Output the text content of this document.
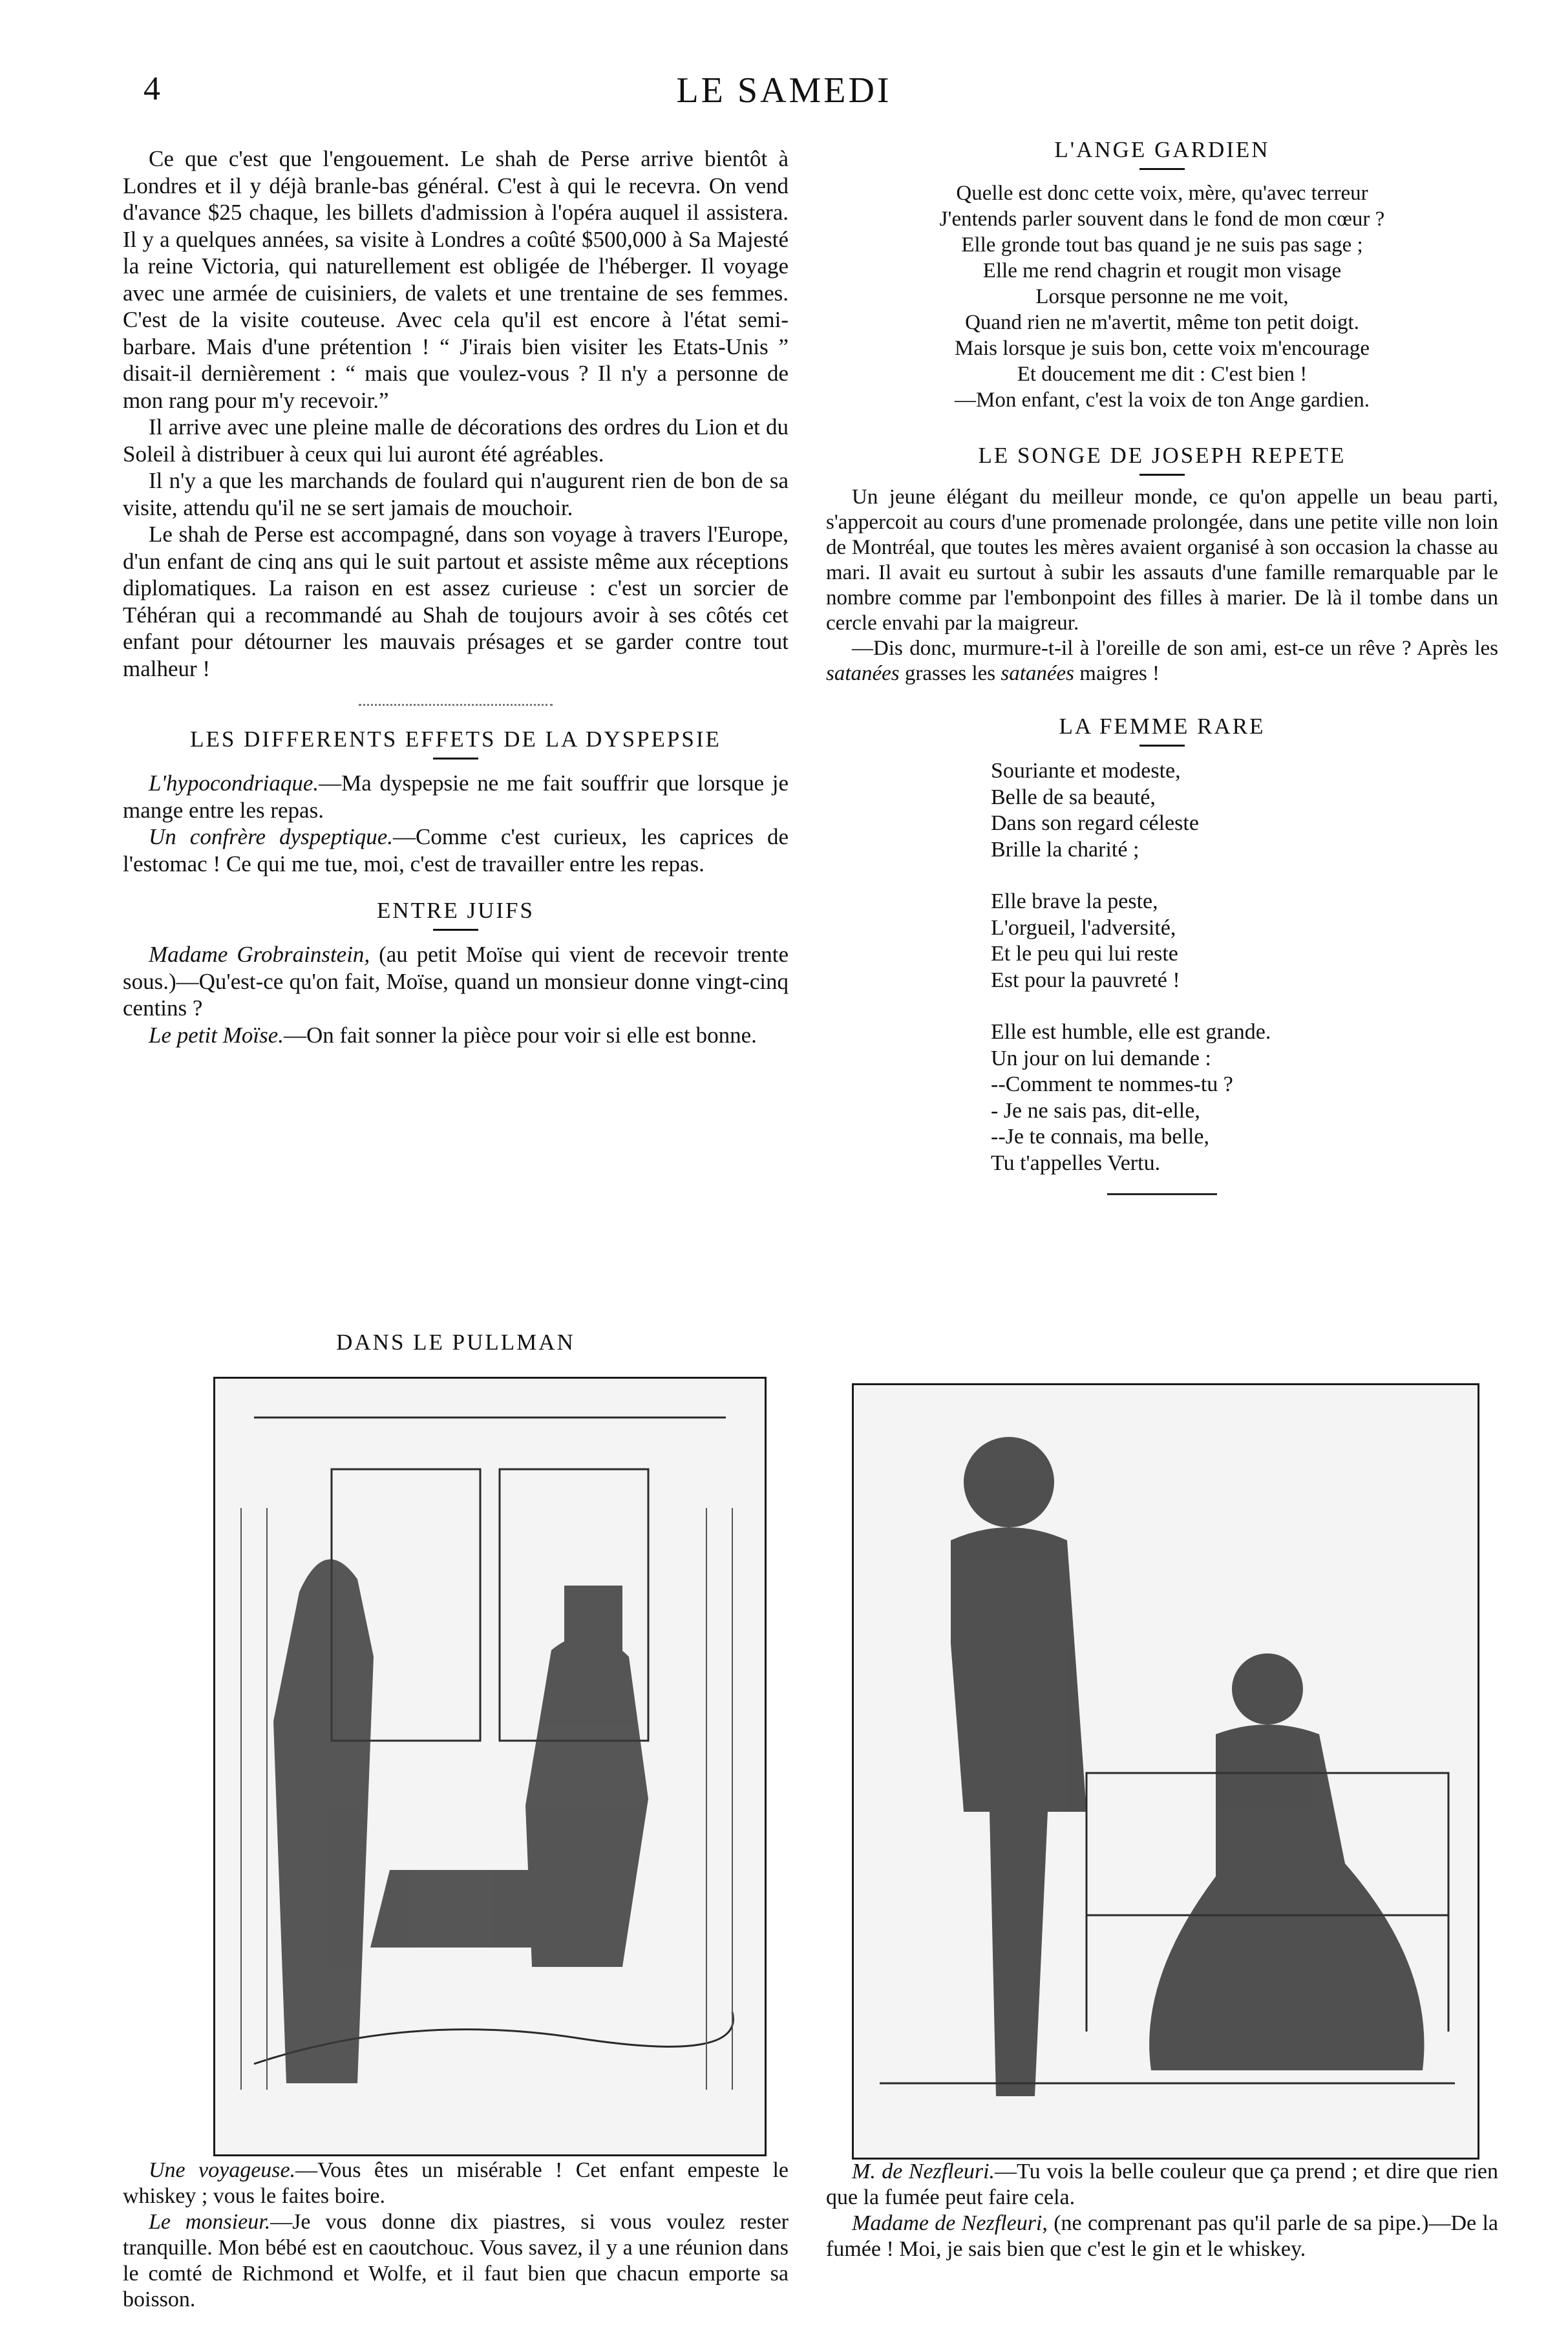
4	LE SAMEDI

Ce que c'est que l'engouement. Le shah de Perse arrive bientôt à Londres et il y déjà branle-bas général. C'est à qui le recevra. On vend d'avance $25 chaque, les billets d'admission à l'opéra auquel il assistera. Il y a quelques années, sa visite à Londres a coûté $500,000 à Sa Majesté la reine Victoria, qui naturellement est obligée de l'héberger. Il voyage avec une armée de cuisiniers, de valets et une trentaine de ses femmes. C'est de la visite couteuse. Avec cela qu'il est encore à l'état semi-barbare. Mais d'une prétention ! “ J'irais bien visiter les Etats-Unis ” disait-il dernièrement : “ mais que voulez-vous ? Il n'y a personne de mon rang pour m'y recevoir.”

Il arrive avec une pleine malle de décorations des ordres du Lion et du Soleil à distribuer à ceux qui lui auront été agréables.

Il n'y a que les marchands de foulard qui n'augurent rien de bon de sa visite, attendu qu'il ne se sert jamais de mouchoir.

Le shah de Perse est accompagné, dans son voyage à travers l'Europe, d'un enfant de cinq ans qui le suit partout et assiste même aux réceptions diplomatiques. La raison en est assez curieuse : c'est un sorcier de Téhéran qui a recommandé au Shah de toujours avoir à ses côtés cet enfant pour détourner les mauvais présages et se garder contre tout malheur !

LES DIFFERENTS EFFETS DE LA DYSPEPSIE

L'hypocondriaque.—Ma dyspepsie ne me fait souffrir que lorsque je mange entre les repas.

Un confrère dyspeptique.—Comme c'est curieux, les caprices de l'estomac ! Ce qui me tue, moi, c'est de travailler entre les repas.

ENTRE JUIFS

Madame Grobrainstein, (au petit Moïse qui vient de recevoir trente sous.)—Qu'est-ce qu'on fait, Moïse, quand un monsieur donne vingt-cinq centins ?

Le petit Moïse.—On fait sonner la pièce pour voir si elle est bonne.

DANS LE PULLMAN
L'ANGE GARDIEN
Quelle est donc cette voix, mère, qu'avec terreur
J'entends parler souvent dans le fond de mon cœur ?
Elle gronde tout bas quand je ne suis pas sage ;
Elle me rend chagrin et rougit mon visage
Lorsque personne ne me voit,
Quand rien ne m'avertit, même ton petit doigt.
Mais lorsque je suis bon, cette voix m'encourage
Et doucement me dit : C'est bien !
—Mon enfant, c'est la voix de ton Ange gardien.
LE SONGE DE JOSEPH REPETE

Un jeune élégant du meilleur monde, ce qu'on appelle un beau parti, s'appercoit au cours d'une promenade prolongée, dans une petite ville non loin de Montréal, que toutes les mères avaient organisé à son occasion la chasse au mari. Il avait eu surtout à subir les assauts d'une famille remarquable par le nombre comme par l'embonpoint des filles à marier. De là il tombe dans un cercle envahi par la maigreur.

—Dis donc, murmure-t-il à l'oreille de son ami, est-ce un rêve ? Après les satanées grasses les satanées maigres !

LA FEMME RARE
Souriante et modeste,
Belle de sa beauté,
Dans son regard céleste
Brille la charité ;
Elle brave la peste,
L'orgueil, l'adversité,
Et le peu qui lui reste
Est pour la pauvreté !
Elle est humble, elle est grande.
Un jour on lui demande :
--Comment te nommes-tu ?
- Je ne sais pas, dit-elle,
--Je te connais, ma belle,
Tu t'appelles Vertu.

Une voyageuse.—Vous êtes un misérable ! Cet enfant empeste le whiskey ; vous le faites boire.

Le monsieur.—Je vous donne dix piastres, si vous voulez rester tranquille. Mon bébé est en caoutchouc. Vous savez, il y a une réunion dans le comté de Richmond et Wolfe, et il faut bien que chacun emporte sa boisson.

M. de Nezfleuri.—Tu vois la belle couleur que ça prend ; et dire que rien que la fumée peut faire cela.

Madame de Nezfleuri, (ne comprenant pas qu'il parle de sa pipe.)—De la fumée ! Moi, je sais bien que c'est le gin et le whiskey.
